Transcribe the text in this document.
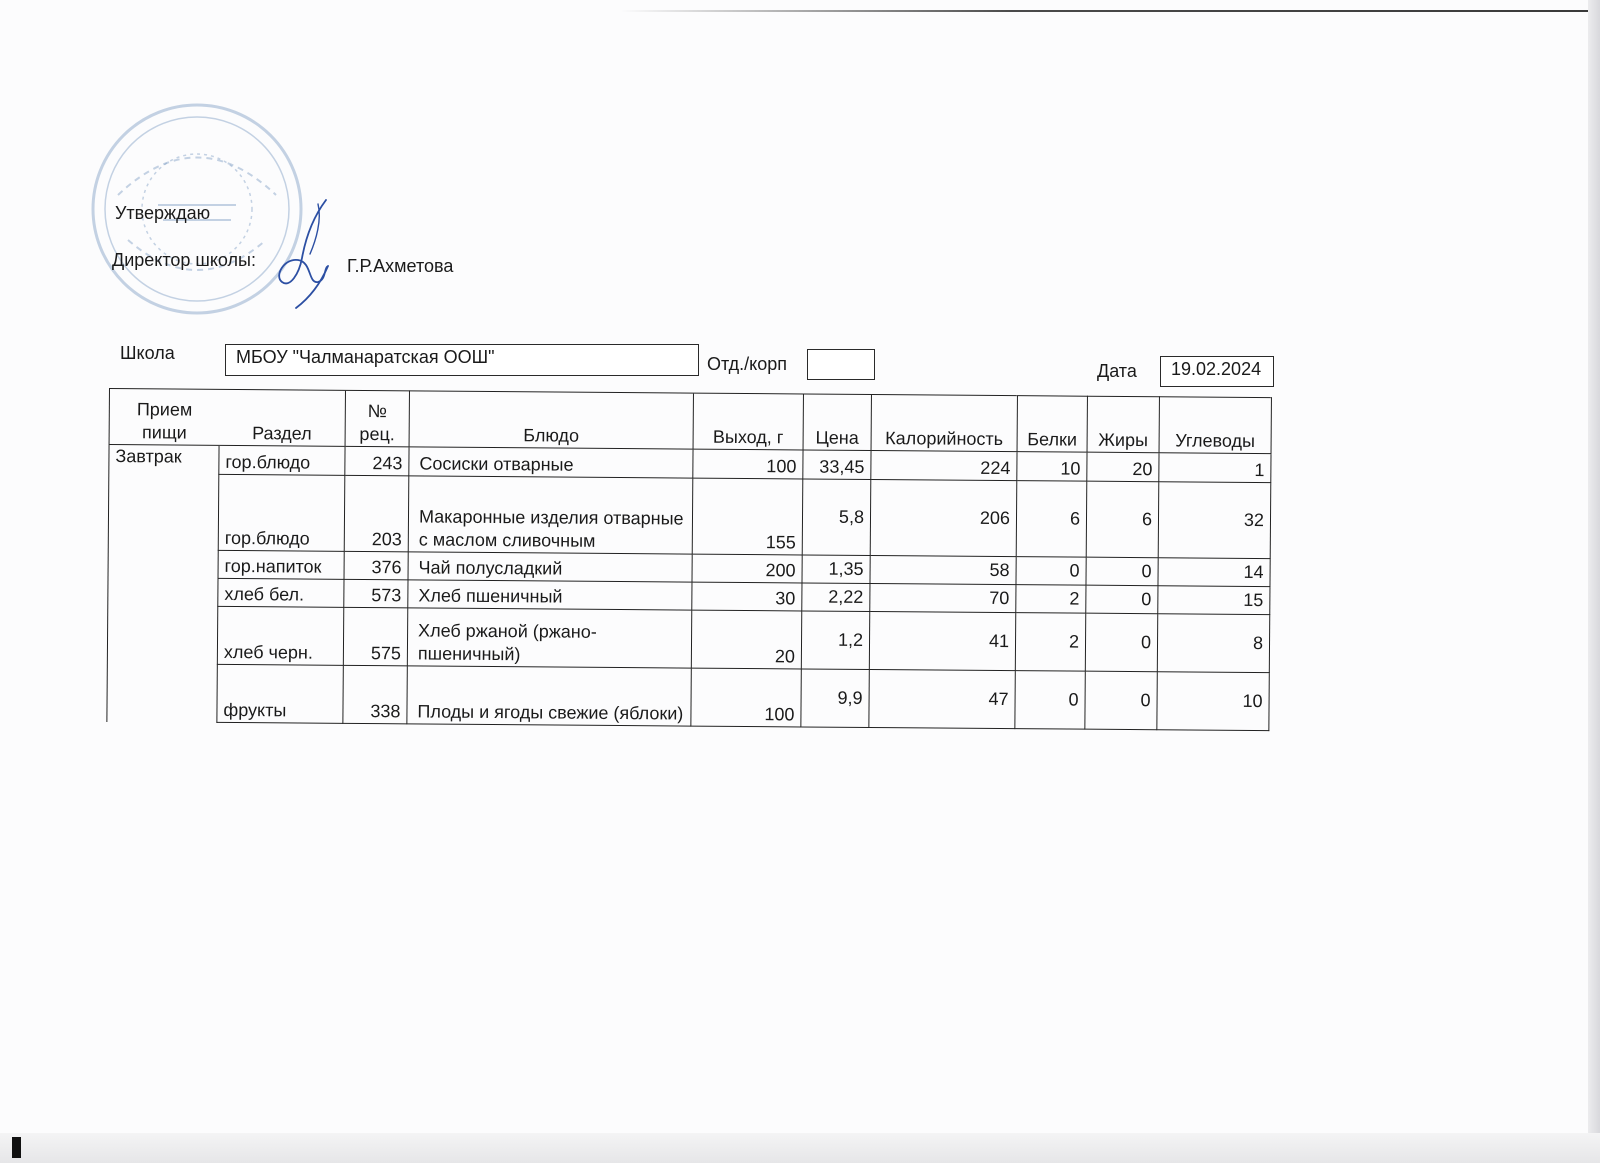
Утверждаю
Директор школы:	Г.Р.Ахметова
Школа	МБОУ "Чалманаратская ООШ"	Отд./корп	Дата	19.02.2024
Прием пищи	Раздел	№ рец.	Блюдо	Выход, г	Цена	Калорийность	Белки	Жиры	Углеводы
Завтрак	гор.блюдо	243	Сосиски отварные	100	33,45	224	10	20	1
	гор.блюдо	203	Макаронные изделия отварные с маслом сливочным	155	5,8	206	6	6	32
	гор.напиток	376	Чай полусладкий	200	1,35	58	0	0	14
	хлеб бел.	573	Хлеб пшеничный	30	2,22	70	2	0	15
	хлеб черн.	575	Хлеб ржаной (ржано-пшеничный)	20	1,2	41	2	0	8
	фрукты	338	Плоды и ягоды свежие (яблоки)	100	9,9	47	0	0	10
